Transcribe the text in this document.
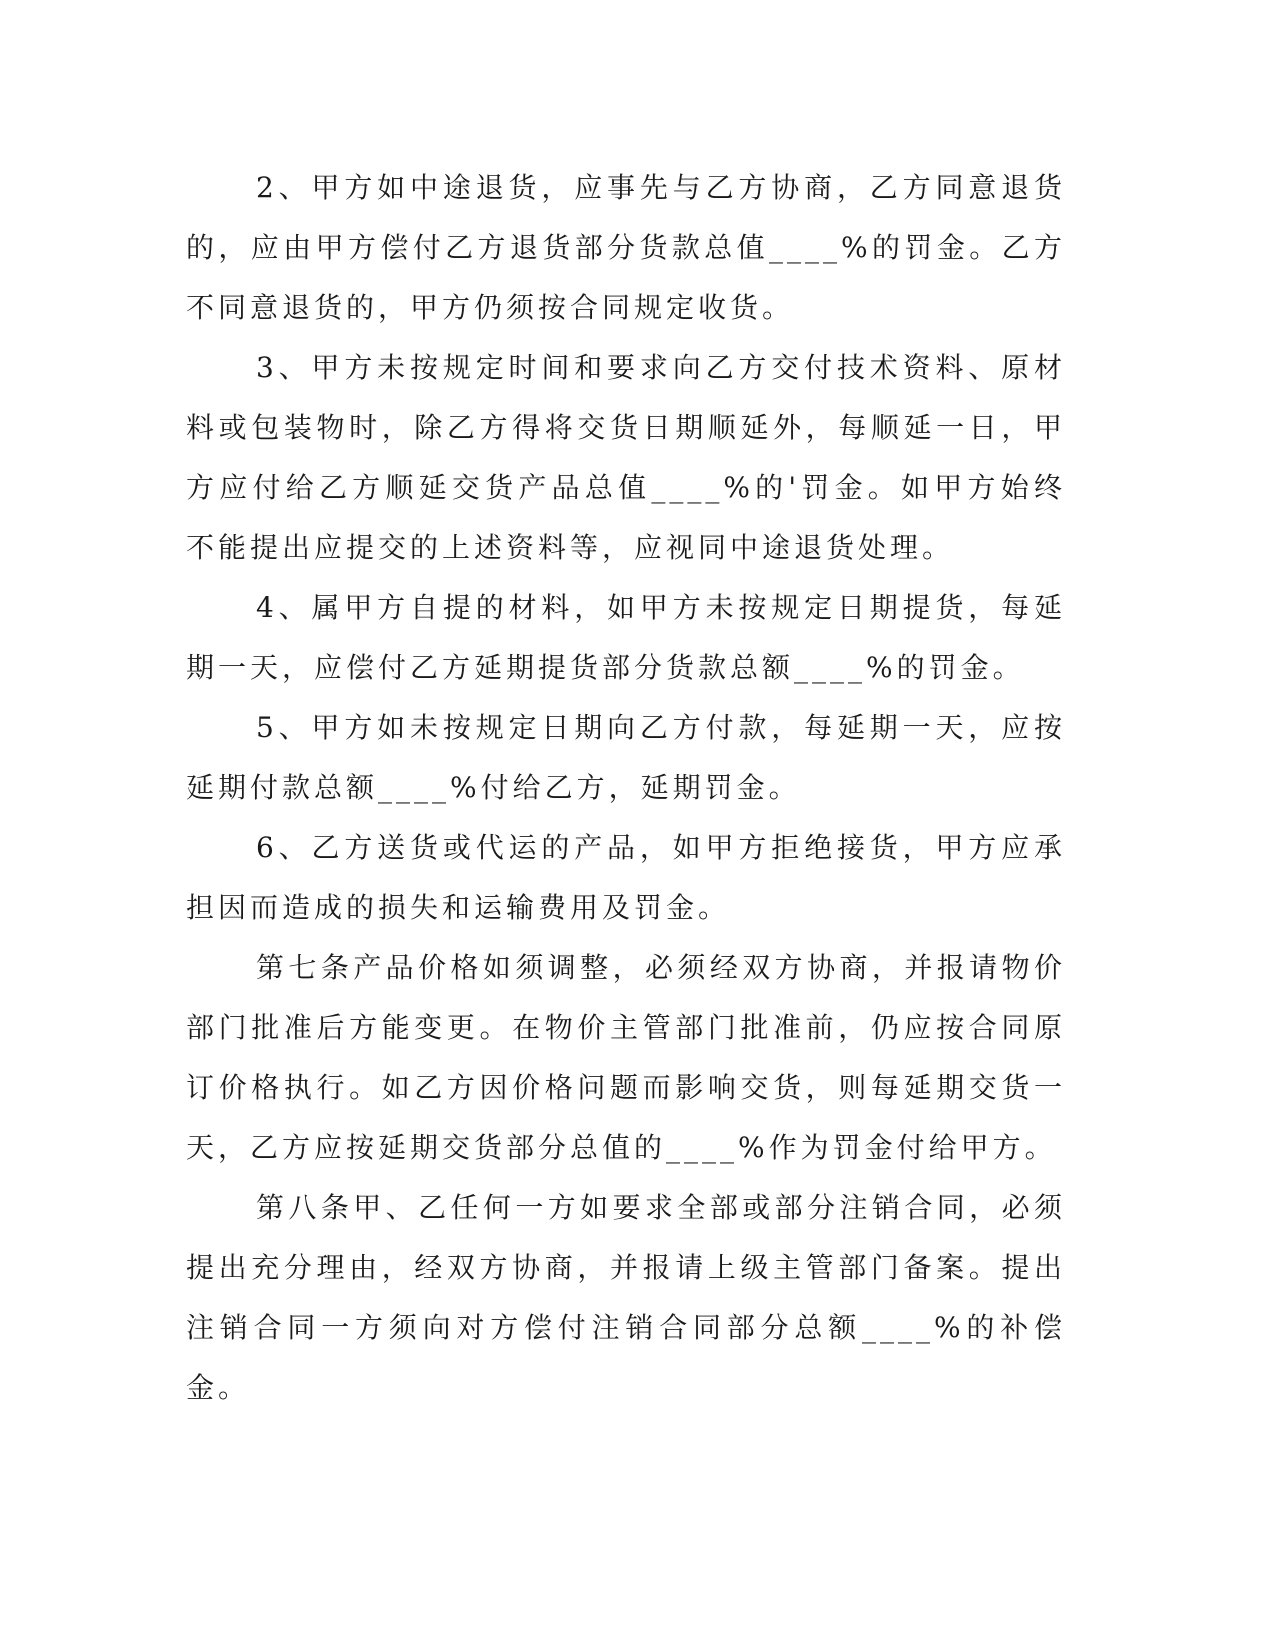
2、甲方如中途退货，应事先与乙方协商，乙方同意退货的，应由甲方偿付乙方退货部分货款总值____%的罚金。乙方不同意退货的，甲方仍须按合同规定收货。

3、甲方未按规定时间和要求向乙方交付技术资料、原材料或包装物时，除乙方得将交货日期顺延外，每顺延一日，甲方应付给乙方顺延交货产品总值____%的'罚金。如甲方始终不能提出应提交的上述资料等，应视同中途退货处理。

4、属甲方自提的材料，如甲方未按规定日期提货，每延期一天，应偿付乙方延期提货部分货款总额____%的罚金。

5、甲方如未按规定日期向乙方付款，每延期一天，应按延期付款总额____%付给乙方，延期罚金。

6、乙方送货或代运的产品，如甲方拒绝接货，甲方应承担因而造成的损失和运输费用及罚金。

第七条产品价格如须调整，必须经双方协商，并报请物价部门批准后方能变更。在物价主管部门批准前，仍应按合同原订价格执行。如乙方因价格问题而影响交货，则每延期交货一天，乙方应按延期交货部分总值的____%作为罚金付给甲方。

第八条甲、乙任何一方如要求全部或部分注销合同，必须提出充分理由，经双方协商，并报请上级主管部门备案。提出注销合同一方须向对方偿付注销合同部分总额____%的补偿金。
